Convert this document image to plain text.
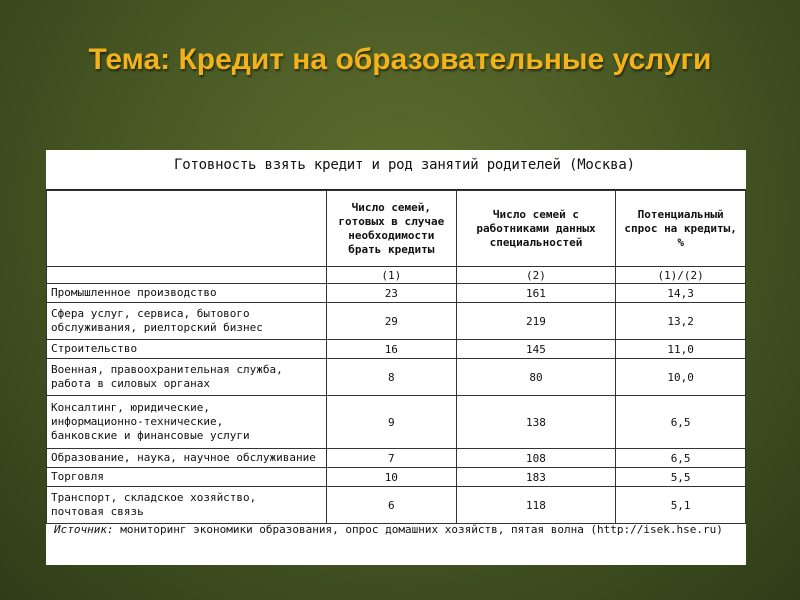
Тема: Кредит на образовательные услуги
Готовность взять кредит и род занятий родителей (Москва)
	Число семей, готовых в случае необходимости брать кредиты	Число семей с работниками данных специальностей	Потенциальный спрос на кредиты, %
	(1)	(2)	(1)/(2)
Промышленное производство	23	161	14,3
Сфера услуг, сервиса, бытового
обслуживания, риелторский бизнес	29	219	13,2
Строительство	16	145	11,0
Военная, правоохранительная служба,
работа в силовых органах	8	80	10,0
Консалтинг, юридические,
информационно-технические,
банковские и финансовые услуги	9	138	6,5
Образование, наука, научное обслуживание	7	108	6,5
Торговля	10	183	5,5
Транспорт, складское хозяйство,
почтовая связь	6	118	5,1
Источник: мониторинг экономики образования, опрос домашних хозяйств, пятая волна (http://isek.hse.ru)
